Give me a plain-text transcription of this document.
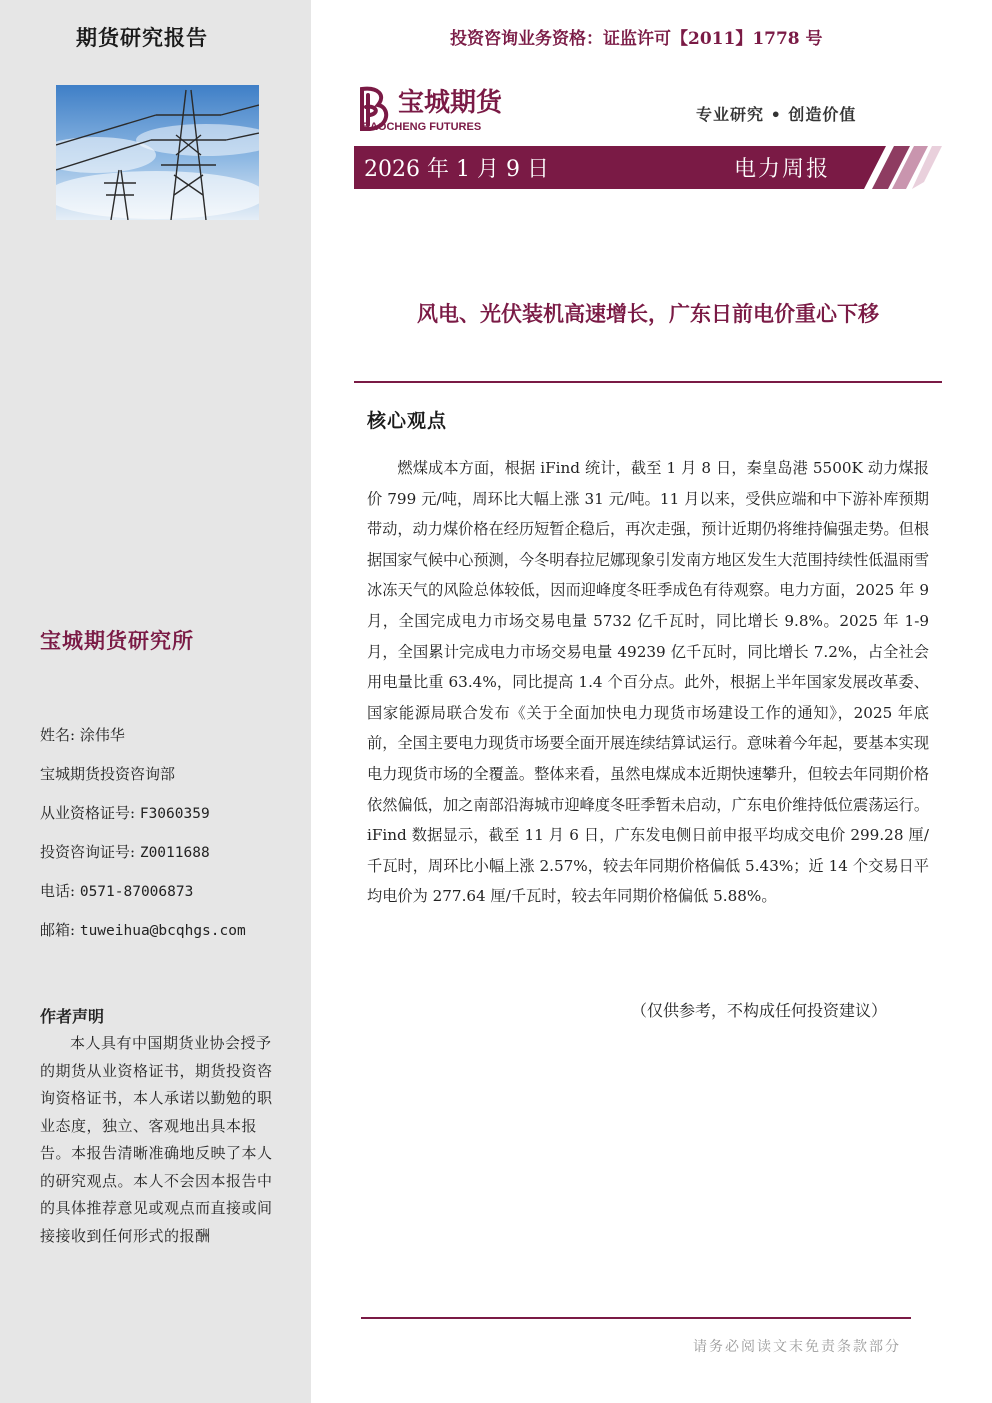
期货研究报告
宝城期货研究所
姓名: 涂伟华
宝城期货投资咨询部
从业资格证号: F3060359
投资咨询证号: Z0011688
电话: 0571-87006873
邮箱: tuweihua@bcqhgs.com
作者声明
本人具有中国期货业协会授予的期货从业资格证书，期货投资咨询资格证书，本人承诺以勤勉的职业态度，独立、客观地出具本报告。本报告清晰准确地反映了本人的研究观点。本人不会因本报告中的具体推荐意见或观点而直接或间接接收到任何形式的报酬
投资咨询业务资格：证监许可【2011】1778 号
宝城期货
BAOCHENG FUTURES
专业研究 • 创造价值
2026 年 1 月 9 日	电力周报
风电、光伏装机高速增长，广东日前电价重心下移
核心观点
燃煤成本方面，根据 iFind 统计，截至 1 月 8 日，秦皇岛港 5500K 动力煤报价 799 元/吨，周环比大幅上涨 31 元/吨。11 月以来，受供应端和中下游补库预期带动，动力煤价格在经历短暂企稳后，再次走强，预计近期仍将维持偏强走势。但根据国家气候中心预测，今冬明春拉尼娜现象引发南方地区发生大范围持续性低温雨雪冰冻天气的风险总体较低，因而迎峰度冬旺季成色有待观察。电力方面，2025 年 9 月，全国完成电力市场交易电量 5732 亿千瓦时，同比增长 9.8%。2025 年 1-9 月，全国累计完成电力市场交易电量 49239 亿千瓦时，同比增长 7.2%，占全社会用电量比重 63.4%，同比提高 1.4 个百分点。此外，根据上半年国家发展改革委、国家能源局联合发布《关于全面加快电力现货市场建设工作的通知》，2025 年底前，全国主要电力现货市场要全面开展连续结算试运行。意味着今年起，要基本实现电力现货市场的全覆盖。整体来看，虽然电煤成本近期快速攀升，但较去年同期价格依然偏低，加之南部沿海城市迎峰度冬旺季暂未启动，广东电价维持低位震荡运行。iFind 数据显示，截至 11 月 6 日，广东发电侧日前申报平均成交电价 299.28 厘/千瓦时，周环比小幅上涨 2.57%，较去年同期价格偏低 5.43%；近 14 个交易日平均电价为 277.64 厘/千瓦时，较去年同期价格偏低 5.88%。
（仅供参考，不构成任何投资建议）
请务必阅读文末免责条款部分
